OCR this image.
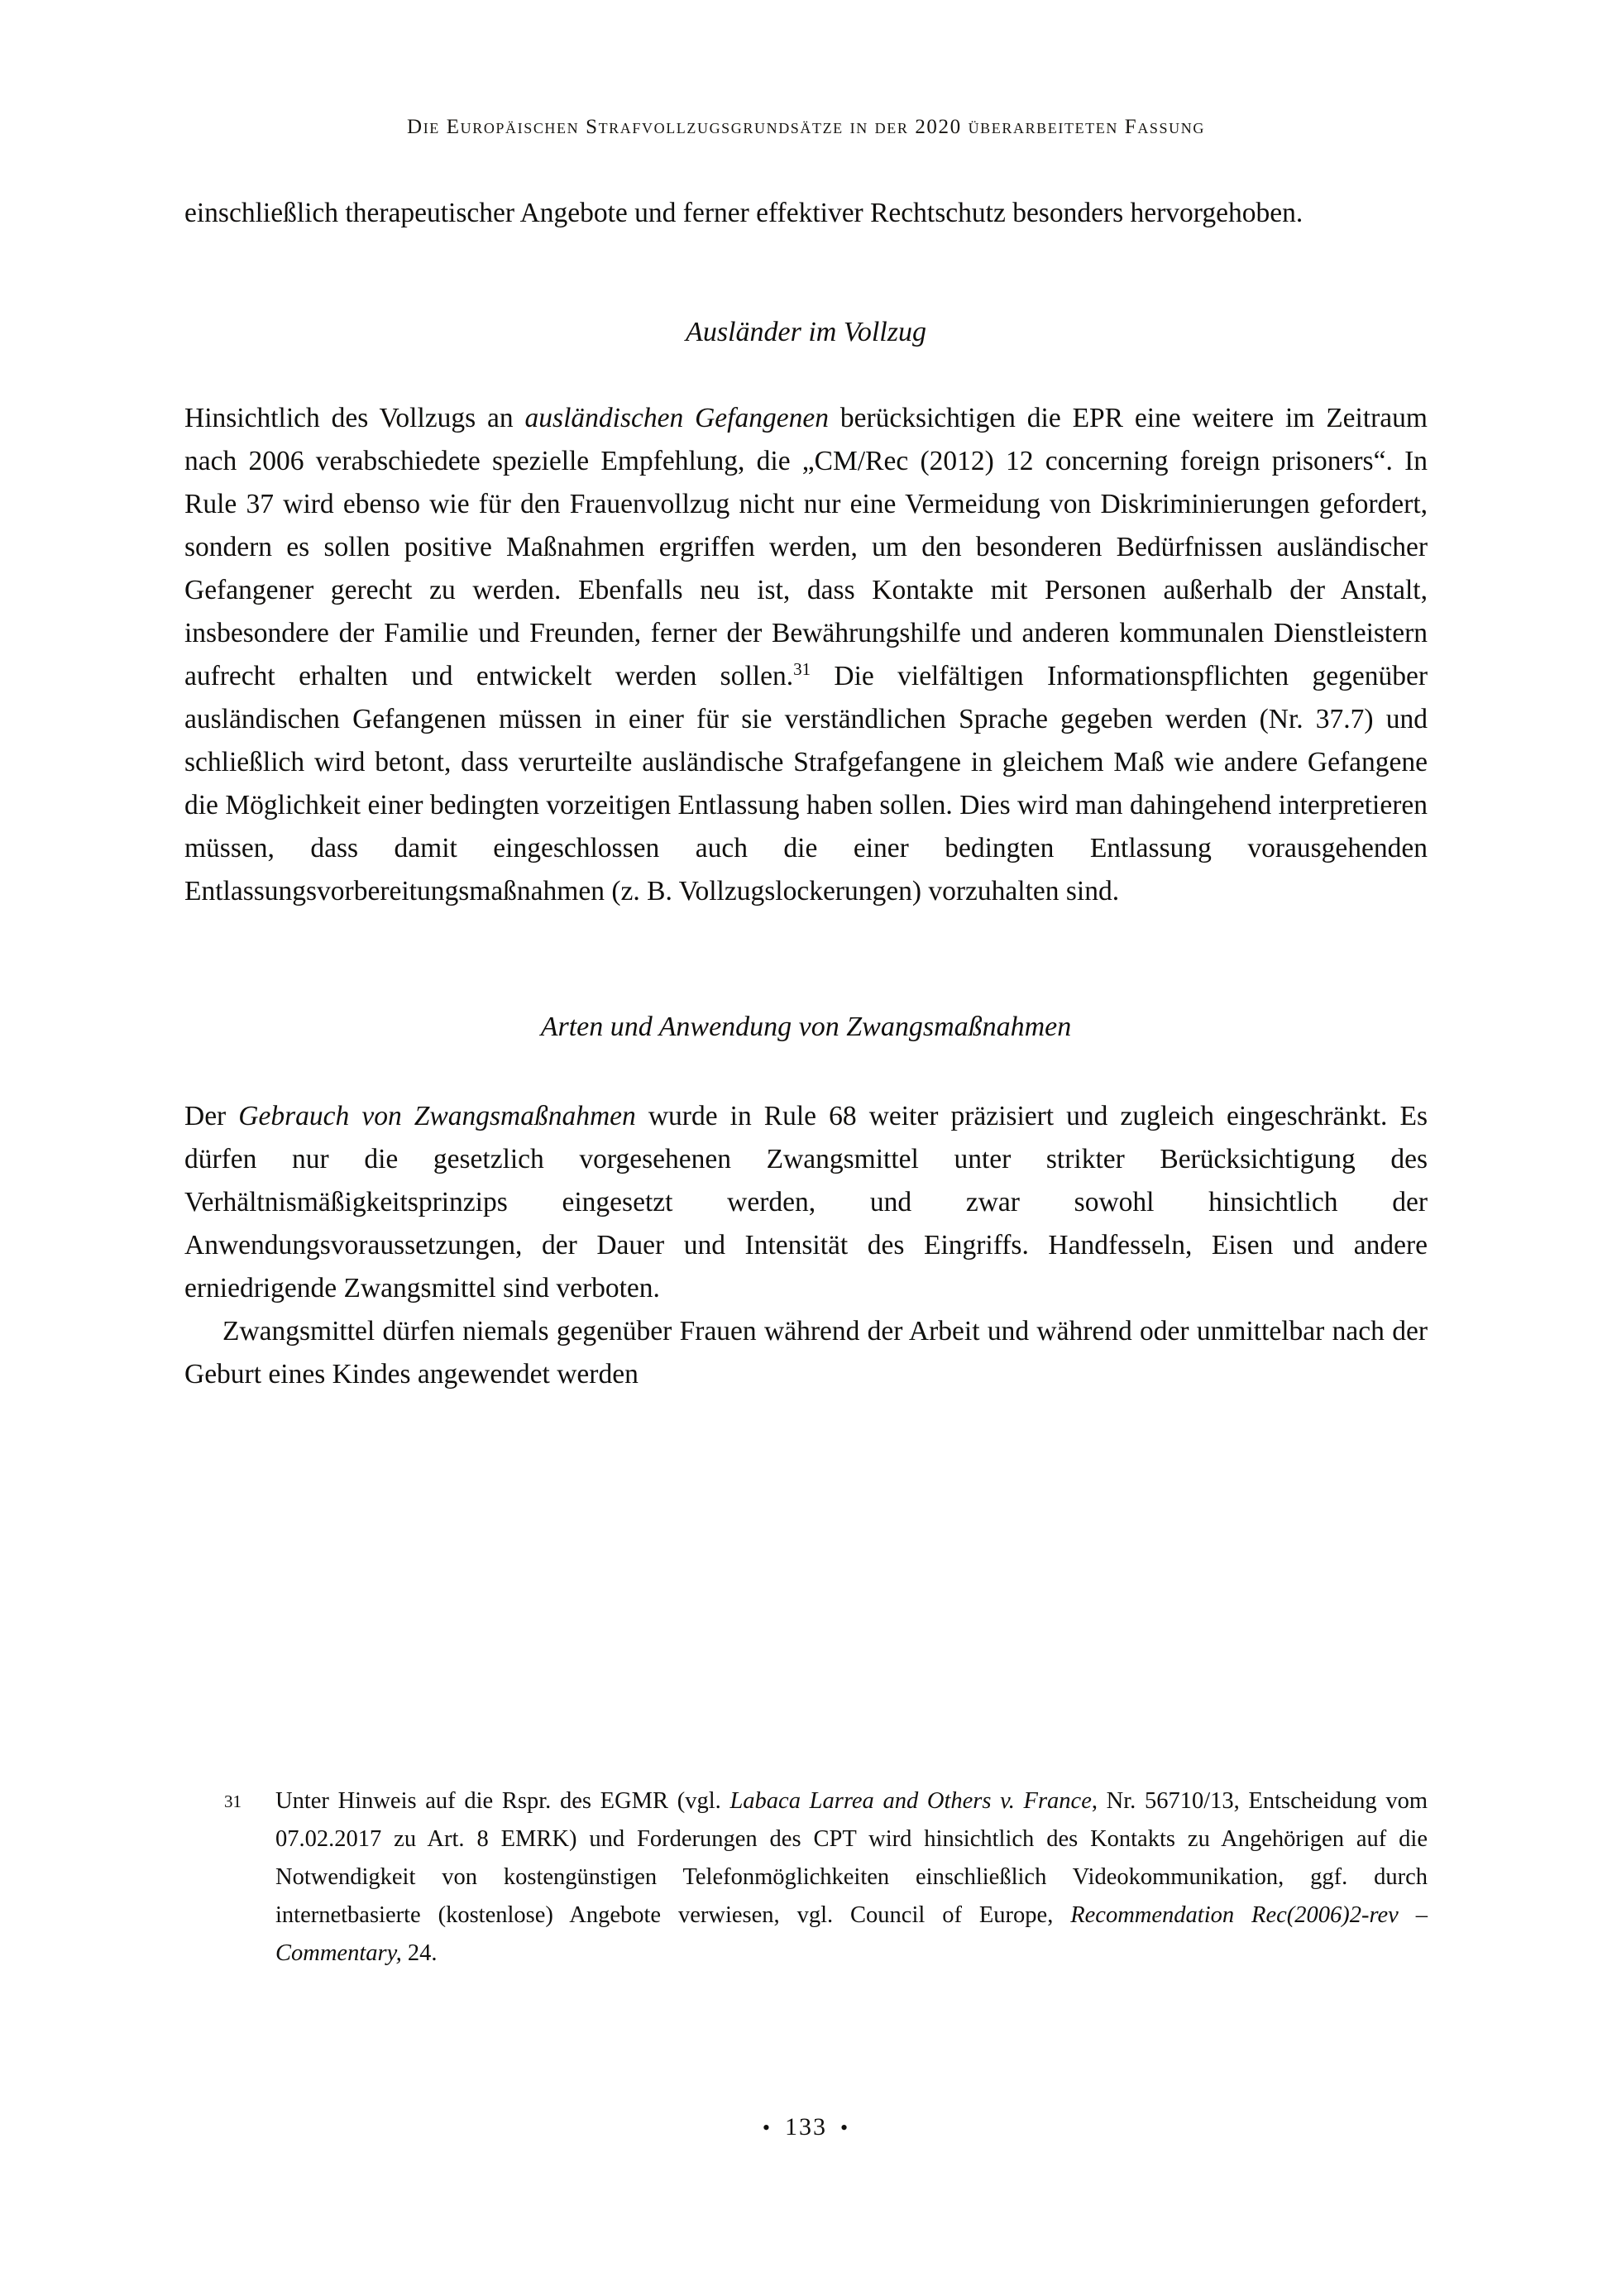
Die Europäischen Strafvollzugsgrundsätze in der 2020 überarbeiteten Fassung

einschließlich therapeutischer Angebote und ferner effektiver Rechtschutz besonders hervorgehoben.

Ausländer im Vollzug

Hinsichtlich des Vollzugs an ausländischen Gefangenen berücksichtigen die EPR eine weitere im Zeitraum nach 2006 verabschiedete spezielle Empfehlung, die „CM/Rec (2012) 12 concerning foreign prisoners“. In Rule 37 wird ebenso wie für den Frauenvollzug nicht nur eine Vermeidung von Diskriminierungen gefordert, sondern es sollen positive Maßnahmen ergriffen werden, um den besonderen Bedürfnissen ausländischer Gefangener gerecht zu werden. Ebenfalls neu ist, dass Kontakte mit Personen außerhalb der Anstalt, insbesondere der Familie und Freunden, ferner der Bewährungshilfe und anderen kommunalen Dienstleistern aufrecht erhalten und entwickelt werden sollen.$^{31}$ Die vielfältigen Informationspflichten gegenüber ausländischen Gefangenen müssen in einer für sie verständlichen Sprache gegeben werden (Nr. 37.7) und schließlich wird betont, dass verurteilte ausländische Strafgefangene in gleichem Maß wie andere Gefangene die Möglichkeit einer bedingten vorzeitigen Entlassung haben sollen. Dies wird man dahingehend interpretieren müssen, dass damit eingeschlossen auch die einer bedingten Entlassung vorausgehenden Entlassungsvorbereitungsmaßnahmen (z. B. Vollzugslockerungen) vorzuhalten sind.

Arten und Anwendung von Zwangsmaßnahmen

Der Gebrauch von Zwangsmaßnahmen wurde in Rule 68 weiter präzisiert und zugleich eingeschränkt. Es dürfen nur die gesetzlich vorgesehenen Zwangsmittel unter strikter Berücksichtigung des Verhältnismäßigkeitsprinzips eingesetzt werden, und zwar sowohl hinsichtlich der Anwendungsvoraussetzungen, der Dauer und Intensität des Eingriffs. Handfesseln, Eisen und andere erniedrigende Zwangsmittel sind verboten.

Zwangsmittel dürfen niemals gegenüber Frauen während der Arbeit und während oder unmittelbar nach der Geburt eines Kindes angewendet werden

31 Unter Hinweis auf die Rspr. des EGMR (vgl. Labaca Larrea and Others v. France, Nr. 56710/13, Entscheidung vom 07.02.2017 zu Art. 8 EMRK) und Forderungen des CPT wird hinsichtlich des Kontakts zu Angehörigen auf die Notwendigkeit von kostengünstigen Telefonmöglichkeiten einschließlich Videokommunikation, ggf. durch internetbasierte (kostenlose) Angebote verwiesen, vgl. Council of Europe, Recommendation Rec(2006)2-rev – Commentary, 24.
• 133 •
